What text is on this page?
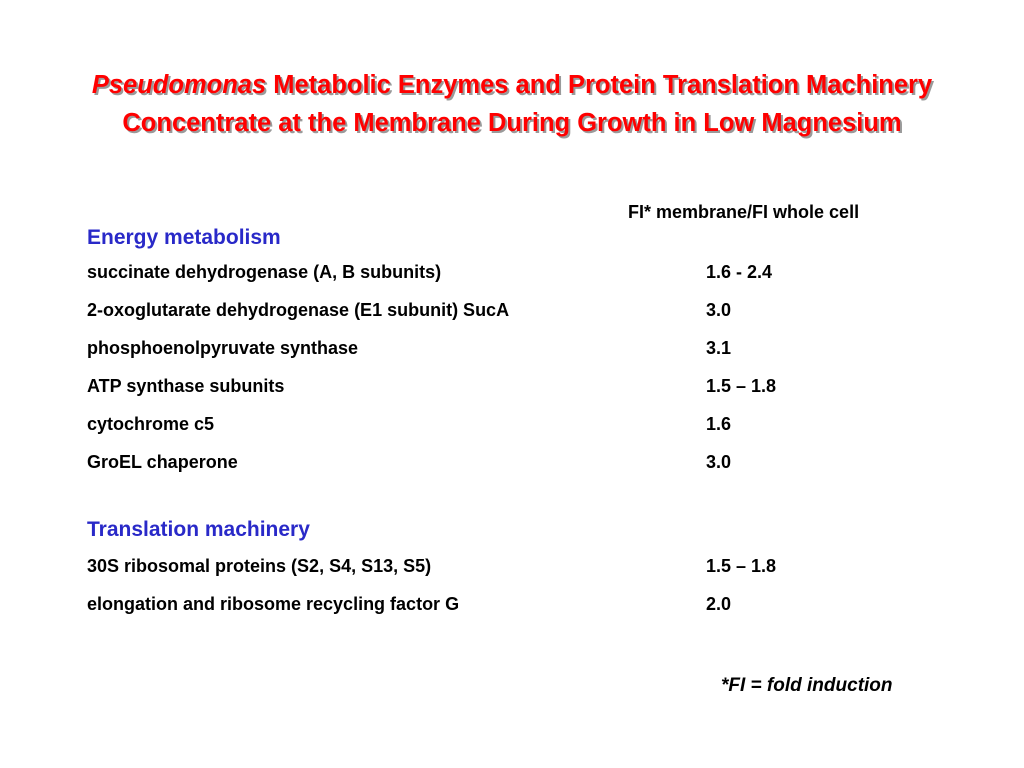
Pseudomonas Metabolic Enzymes and Protein Translation Machinery
Concentrate at the Membrane During Growth in Low Magnesium
FI* membrane/FI whole cell
Energy metabolism
succinate dehydrogenase (A, B subunits)	1.6 - 2.4
2-oxoglutarate dehydrogenase (E1 subunit) SucA	3.0
phosphoenolpyruvate synthase	3.1
ATP synthase subunits	1.5 – 1.8
cytochrome c5	1.6
GroEL chaperone	3.0
Translation machinery
30S ribosomal proteins (S2, S4, S13, S5)	1.5 – 1.8
elongation and ribosome recycling factor G	2.0
*FI = fold induction
